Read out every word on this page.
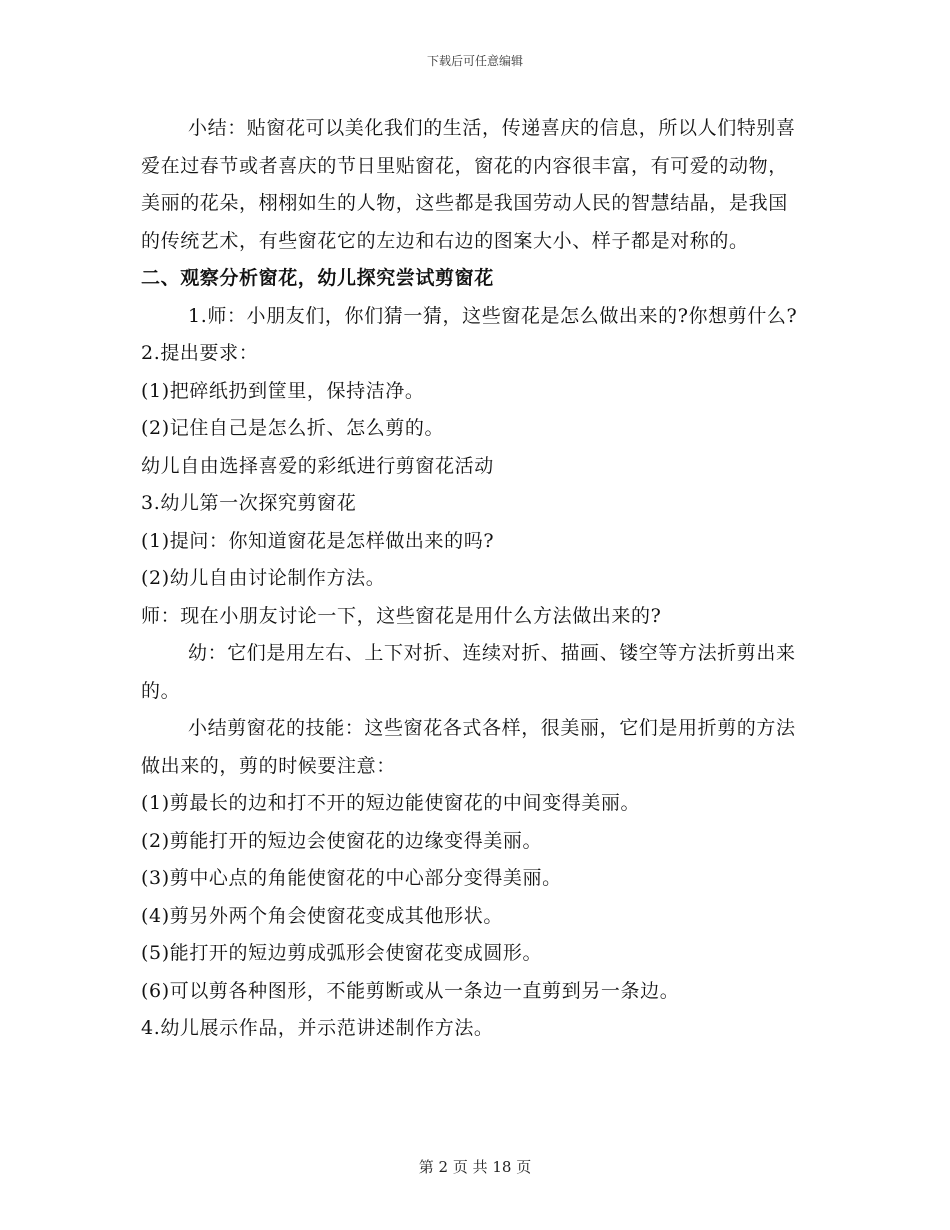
下载后可任意编辑

小结：贴窗花可以美化我们的生活，传递喜庆的信息，所以人们特别喜爱在过春节或者喜庆的节日里贴窗花，窗花的内容很丰富，有可爱的动物，美丽的花朵，栩栩如生的人物，这些都是我国劳动人民的智慧结晶，是我国的传统艺术，有些窗花它的左边和右边的图案大小、样子都是对称的。

二、观察分析窗花，幼儿探究尝试剪窗花

1.师：小朋友们，你们猜一猜，这些窗花是怎么做出来的?你想剪什么?

2.提出要求：

(1)把碎纸扔到筐里，保持洁净。

(2)记住自己是怎么折、怎么剪的。

幼儿自由选择喜爱的彩纸进行剪窗花活动

3.幼儿第一次探究剪窗花

(1)提问：你知道窗花是怎样做出来的吗?

(2)幼儿自由讨论制作方法。

师：现在小朋友讨论一下，这些窗花是用什么方法做出来的?

幼：它们是用左右、上下对折、连续对折、描画、镂空等方法折剪出来的。

小结剪窗花的技能：这些窗花各式各样，很美丽，它们是用折剪的方法做出来的，剪的时候要注意：

(1)剪最长的边和打不开的短边能使窗花的中间变得美丽。

(2)剪能打开的短边会使窗花的边缘变得美丽。

(3)剪中心点的角能使窗花的中心部分变得美丽。

(4)剪另外两个角会使窗花变成其他形状。

(5)能打开的短边剪成弧形会使窗花变成圆形。

(6)可以剪各种图形，不能剪断或从一条边一直剪到另一条边。

4.幼儿展示作品，并示范讲述制作方法。

第 2 页 共 18 页
